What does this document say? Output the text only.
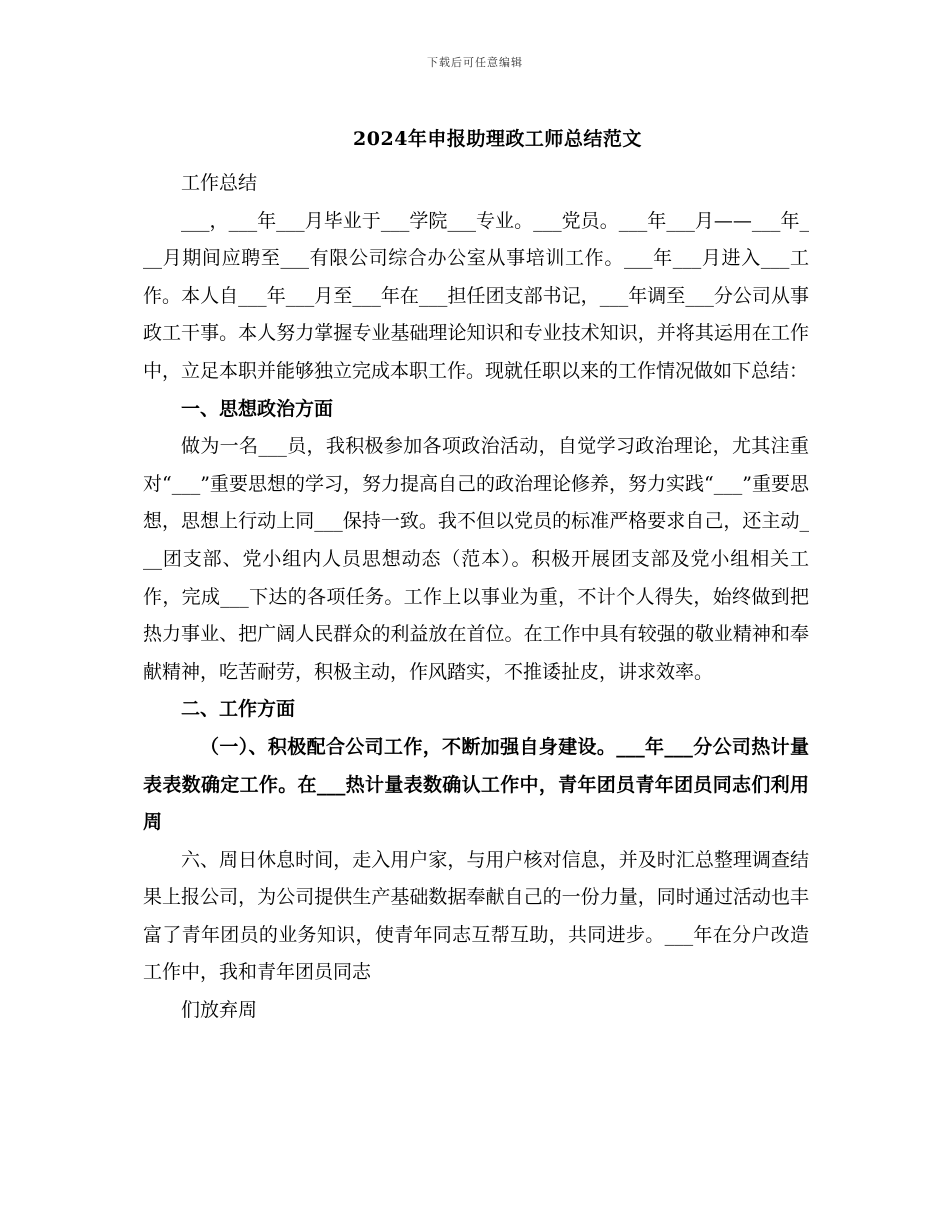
下载后可任意编辑
2024年申报助理政工师总结范文

工作总结

___，___年___月毕业于___学院___专业。___党员。___年___月——___年___月期间应聘至___有限公司综合办公室从事培训工作。___年___月进入___工作。本人自___年___月至___年在___担任团支部书记，___年调至___分公司从事政工干事。本人努力掌握专业基础理论知识和专业技术知识，并将其运用在工作中，立足本职并能够独立完成本职工作。现就任职以来的工作情况做如下总结：

一、思想政治方面

做为一名___员，我积极参加各项政治活动，自觉学习政治理论，尤其注重对“___”重要思想的学习，努力提高自己的政治理论修养，努力实践“___”重要思想，思想上行动上同___保持一致。我不但以党员的标准严格要求自己，还主动___团支部、党小组内人员思想动态（范本）。积极开展团支部及党小组相关工作，完成___下达的各项任务。工作上以事业为重，不计个人得失，始终做到把热力事业、把广阔人民群众的利益放在首位。在工作中具有较强的敬业精神和奉献精神，吃苦耐劳，积极主动，作风踏实，不推诿扯皮，讲求效率。

二、工作方面

（一）、积极配合公司工作，不断加强自身建设。___年___分公司热计量表表数确定工作。在___热计量表数确认工作中，青年团员青年团员同志们利用周

六、周日休息时间，走入用户家，与用户核对信息，并及时汇总整理调查结果上报公司，为公司提供生产基础数据奉献自己的一份力量，同时通过活动也丰富了青年团员的业务知识，使青年同志互帮互助，共同进步。___年在分户改造工作中，我和青年团员同志

们放弃周
